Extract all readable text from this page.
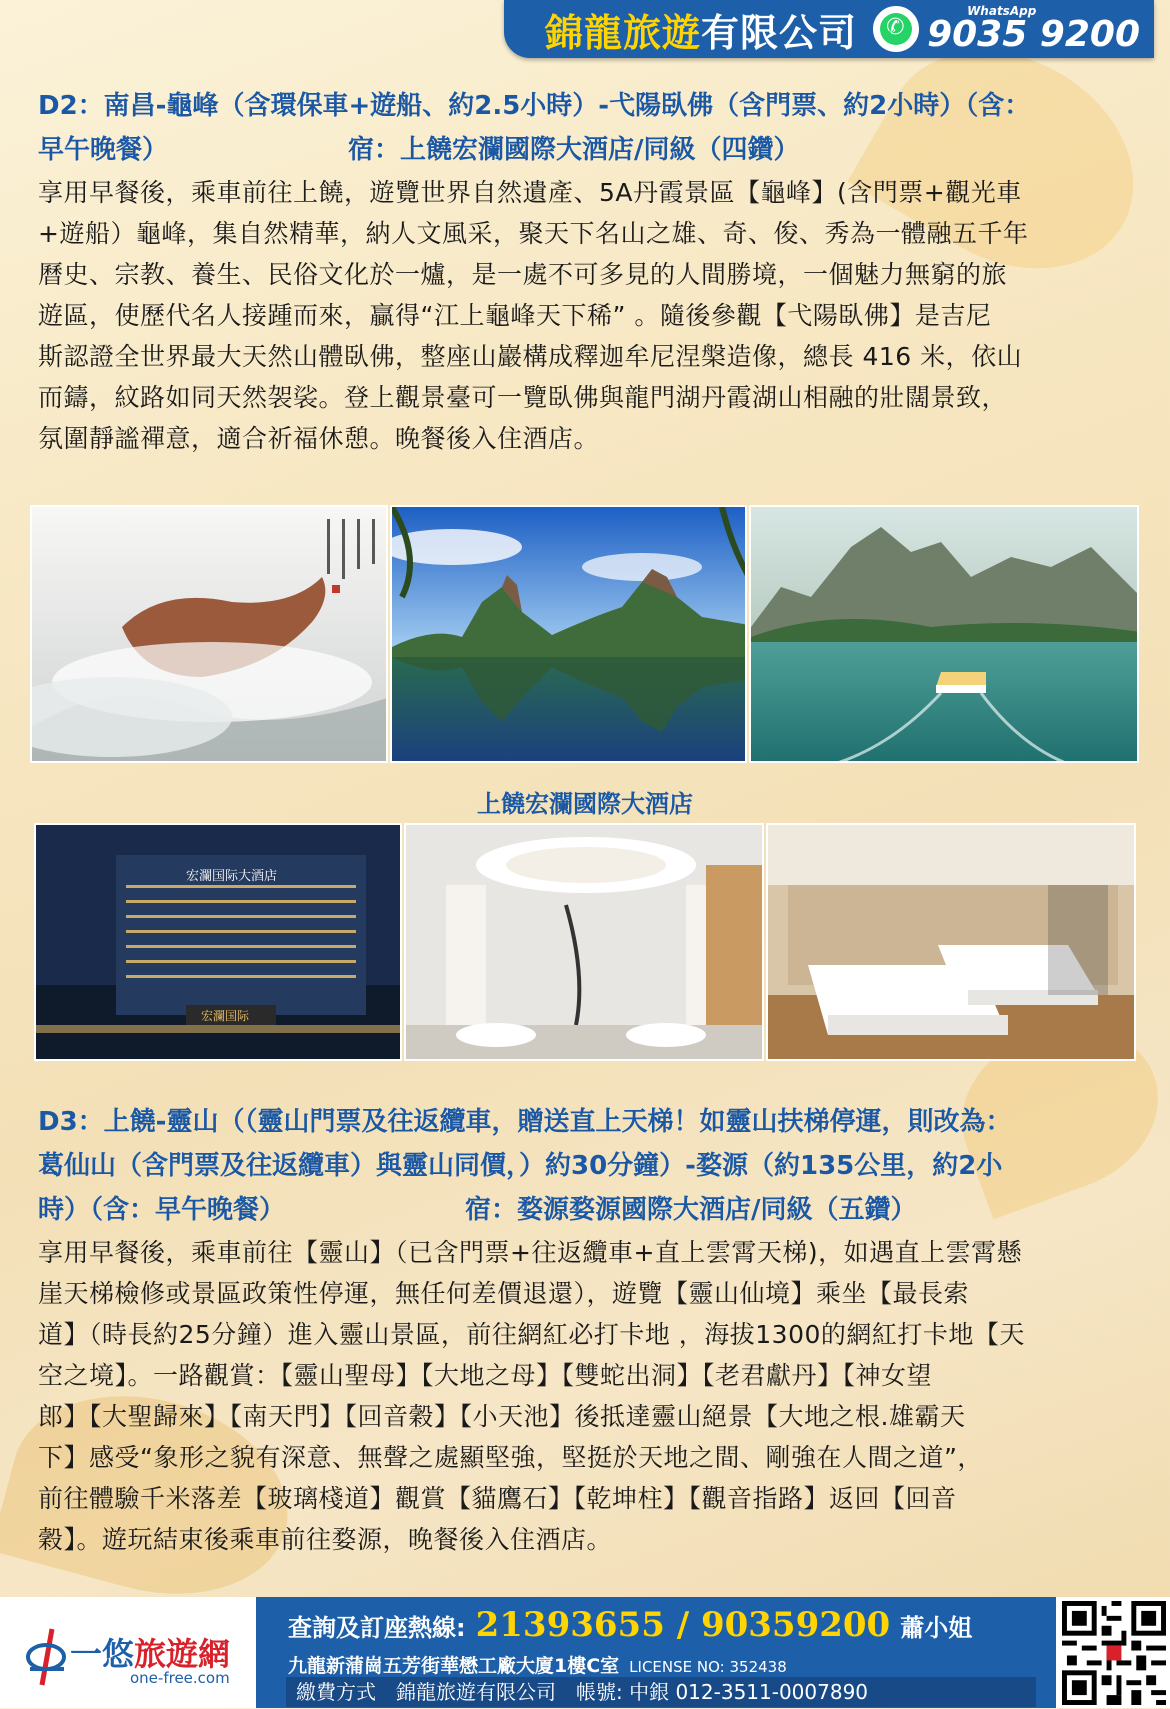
錦龍旅遊有限公司
✆	WhatsApp
9035 9200

D2：南昌-龜峰（含環保車+遊船、約2.5小時）-弋陽臥佛（含門票、約2小時）（含：

早午晚餐）	宿：上饒宏瀾國際大酒店/同級（四鑽）

享用早餐後，乘車前往上饒，遊覽世界自然遺產、5A丹霞景區【龜峰】(含門票+觀光車

+遊船）龜峰，集自然精華，納人文風采，聚天下名山之雄、奇、俊、秀為一體融五千年

曆史、宗教、養生、民俗文化於一爐，是一處不可多見的人間勝境，一個魅力無窮的旅

遊區，使歷代名人接踵而來，贏得“江上龜峰天下稀” 。隨後參觀【弋陽臥佛】是吉尼

斯認證全世界最大天然山體臥佛，整座山巖構成釋迦牟尼涅槃造像，總長 416 米，依山

而鑄，紋路如同天然袈裟。登上觀景臺可一覽臥佛與龍門湖丹霞湖山相融的壯闊景致，

氛圍靜謐禪意，適合祈福休憩。晚餐後入住酒店。

上饒宏瀾國際大酒店
宏瀾国际大酒店
宏瀾国际

D3：上饒-靈山（（靈山門票及往返纜車，贈送直上天梯！如靈山扶梯停運，則改為：

葛仙山（含門票及往返纜車）與靈山同價，）約30分鐘）-婺源（約135公里，約2小

時）（含：早午晚餐）	宿：婺源婺源國際大酒店/同級（五鑽）

享用早餐後，乘車前往【靈山】（已含門票+往返纜車+直上雲霄天梯)，如遇直上雲霄懸

崖天梯檢修或景區政策性停運，無任何差價退還），遊覽【靈山仙境】乘坐【最長索

道】（時長約25分鐘）進入靈山景區，前往網紅必打卡地 ，海拔1300的網紅打卡地【天

空之境】。一路觀賞：【靈山聖母】【大地之母】【雙蛇出洞】【老君獻丹】【神女望

郎】【大聖歸來】【南天門】【回音穀】【小天池】後抵達靈山絕景【大地之根.雄霸天

下】感受“象形之貌有深意、無聲之處顯堅強，堅挺於天地之間、剛強在人間之道”，

前往體驗千米落差【玻璃棧道】觀賞【貓鷹石】【乾坤柱】【觀音指路】返回【回音

穀】。遊玩結束後乘車前往婺源，晚餐後入住酒店。

一悠旅遊網
one-free.com
查詢及訂座熱線: 21393655 / 90359200 蕭小姐
九龍新蒲崗五芳街華懋工廠大廈1樓C室 LICENSE NO: 352438
繳費方式 錦龍旅遊有限公司 帳號: 中銀 012-3511-0007890
